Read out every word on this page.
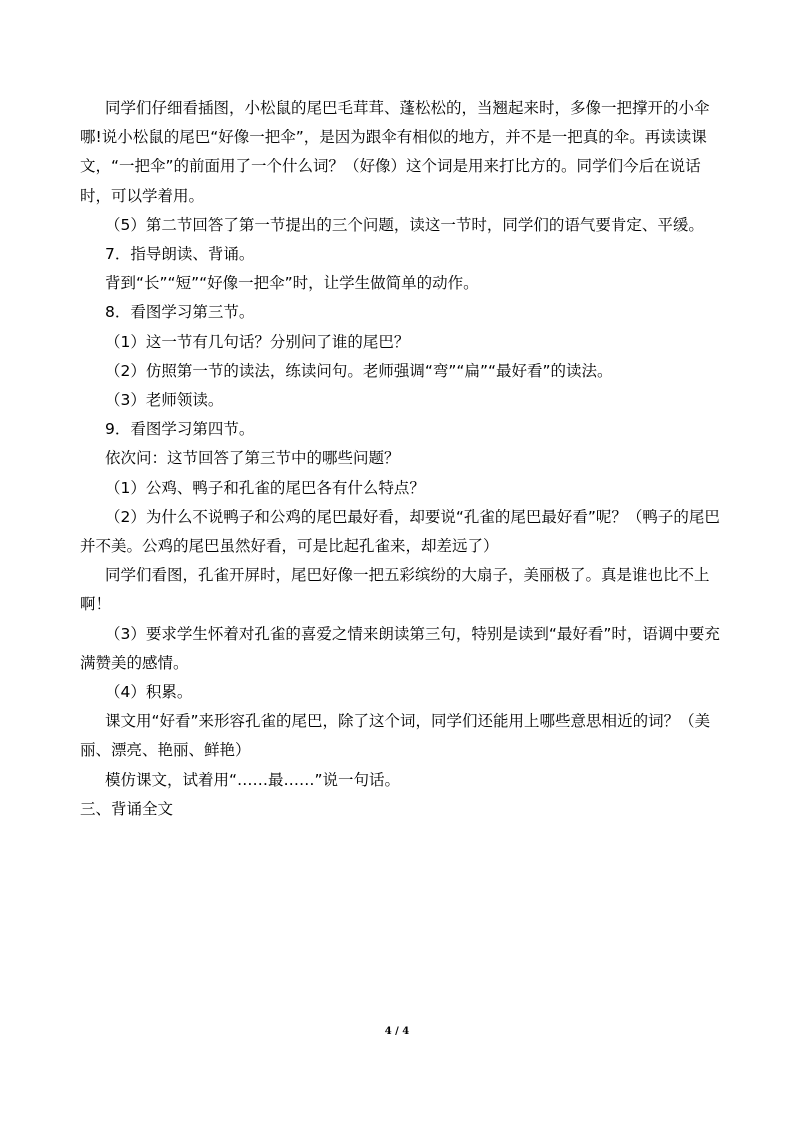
同学们仔细看插图，小松鼠的尾巴毛茸茸、蓬松松的，当翘起来时，多像一把撑开的小伞哪!说小松鼠的尾巴“好像一把伞”，是因为跟伞有相似的地方，并不是一把真的伞。再读读课文，“一把伞”的前面用了一个什么词？（好像）这个词是用来打比方的。同学们今后在说话时，可以学着用。

（5）第二节回答了第一节提出的三个问题，读这一节时，同学们的语气要肯定、平缓。

7．指导朗读、背诵。

背到“长”“短”“好像一把伞”时，让学生做简单的动作。

8．看图学习第三节。

（1）这一节有几句话？分别问了谁的尾巴？

（2）仿照第一节的读法，练读问句。老师强调“弯”“扁”“最好看”的读法。

（3）老师领读。

9．看图学习第四节。

依次问：这节回答了第三节中的哪些问题？

（1）公鸡、鸭子和孔雀的尾巴各有什么特点？

（2）为什么不说鸭子和公鸡的尾巴最好看，却要说“孔雀的尾巴最好看”呢？（鸭子的尾巴并不美。公鸡的尾巴虽然好看，可是比起孔雀来，却差远了）

同学们看图，孔雀开屏时，尾巴好像一把五彩缤纷的大扇子，美丽极了。真是谁也比不上啊！

（3）要求学生怀着对孔雀的喜爱之情来朗读第三句，特别是读到“最好看”时，语调中要充满赞美的感情。

（4）积累。

课文用“好看”来形容孔雀的尾巴，除了这个词，同学们还能用上哪些意思相近的词？（美丽、漂亮、艳丽、鲜艳）

模仿课文，试着用“……最……”说一句话。

三、背诵全文

4 / 4
